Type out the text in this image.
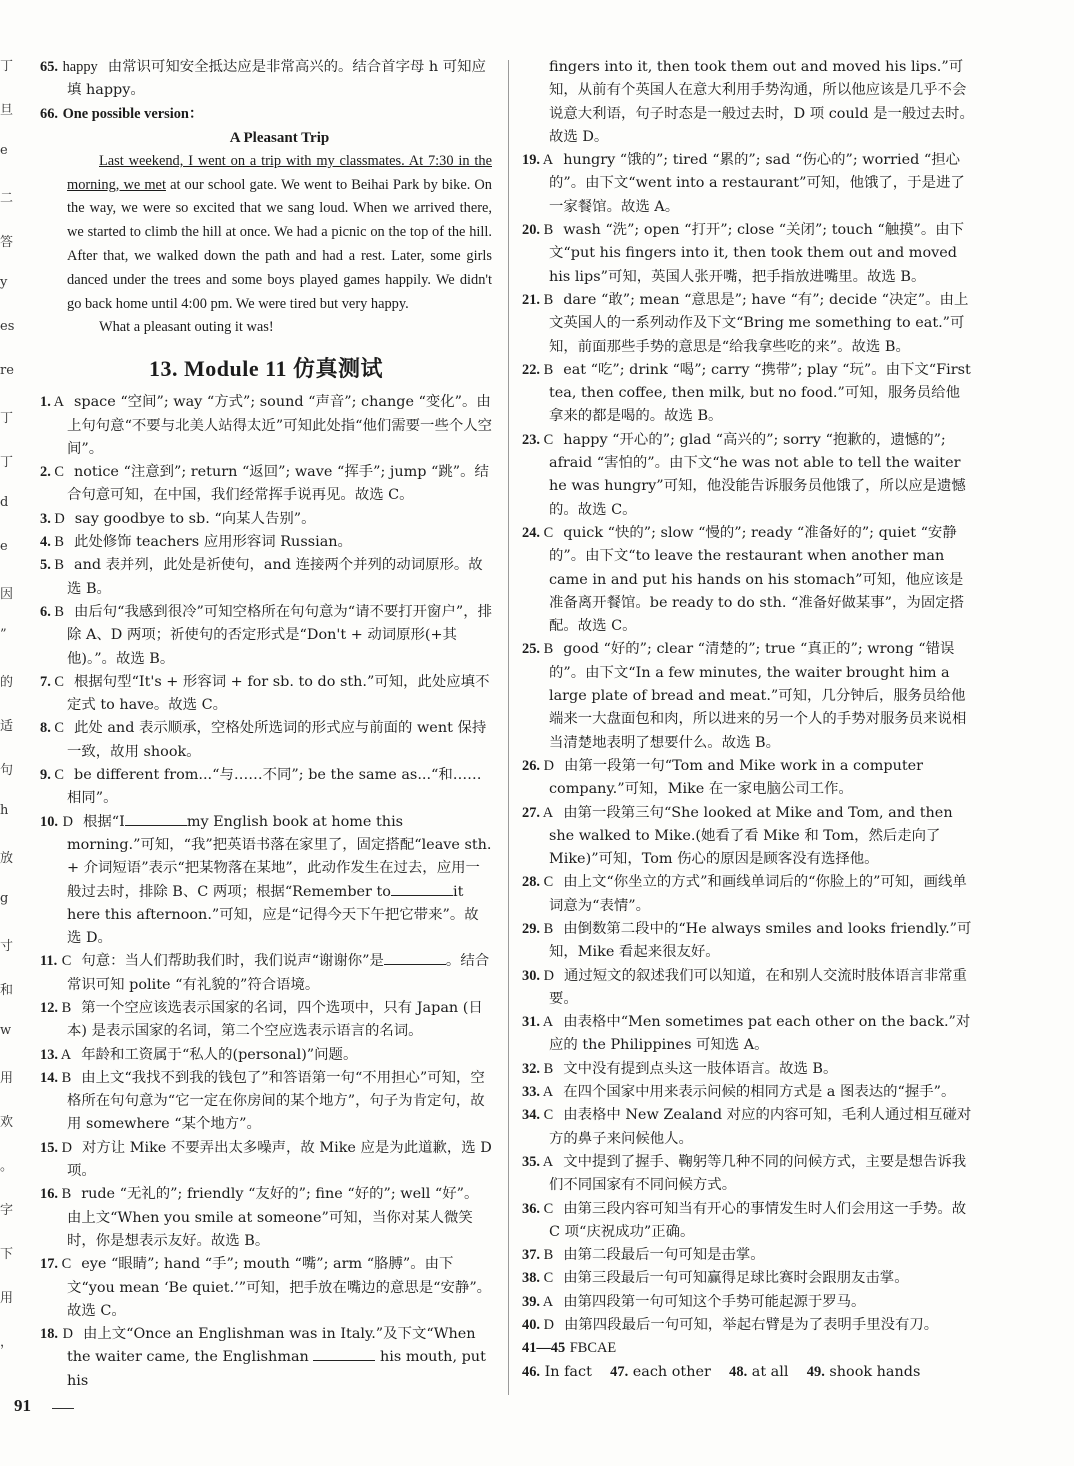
丁
旦
e
二
答
y
es
re
丁
丁
d
e
因
”
的
适
句
h
放
g
寸
和
w
用
欢
。
字
下
用
，

65. happy 由常识可知安全抵达应是非常高兴的。结合首字母 h 可知应填 happy。

66. One possible version：

A Pleasant Trip

Last weekend, I went on a trip with my classmates. At 7:30 in the morning, we met at our school gate. We went to Beihai Park by bike. On the way, we were so excited that we sang loud. When we arrived there, we started to climb the hill at once. We had a picnic on the top of the hill. After that, we walked down the path and had a rest. Later, some girls danced under the trees and some boys played games happily. We didn't go back home until 4:00 pm. We were tired but very happy.

What a pleasant outing it was!

13. Module 11 仿真测试

1. A space “空间”; way “方式”; sound “声音”; change “变化”。由上句句意“不要与北美人站得太近”可知此处指“他们需要一些个人空间”。

2. C notice “注意到”; return “返回”; wave “挥手”; jump “跳”。结合句意可知，在中国，我们经常挥手说再见。故选 C。

3. D say goodbye to sb. “向某人告别”。

4. B 此处修饰 teachers 应用形容词 Russian。

5. B and 表并列，此处是祈使句，and 连接两个并列的动词原形。故选 B。

6. B 由后句“我感到很冷”可知空格所在句句意为“请不要打开窗户”，排除 A、D 两项；祈使句的否定形式是“Don't + 动词原形(+其他)。”。故选 B。

7. C 根据句型“It's + 形容词 + for sb. to do sth.”可知，此处应填不定式 to have。故选 C。

8. C 此处 and 表示顺承，空格处所选词的形式应与前面的 went 保持一致，故用 shook。

9. C be different from...“与……不同”; be the same as...“和……相同”。

10. D 根据“I	my English book at home this morning.”可知，“我”把英语书落在家里了，固定搭配“leave sth. + 介词短语”表示“把某物落在某地”，此动作发生在过去，应用一般过去时，排除 B、C 两项；根据“Remember to	it here this afternoon.”可知，应是“记得今天下午把它带来”。故选 D。

11. C 句意：当人们帮助我们时，我们说声“谢谢你”是	。结合常识可知 polite “有礼貌的”符合语境。

12. B 第一个空应该选表示国家的名词，四个选项中，只有 Japan (日本) 是表示国家的名词，第二个空应选表示语言的名词。

13. A 年龄和工资属于“私人的(personal)”问题。

14. B 由上文“我找不到我的钱包了”和答语第一句“不用担心”可知，空格所在句句意为“它一定在你房间的某个地方”，句子为肯定句，故用 somewhere “某个地方”。

15. D 对方让 Mike 不要弄出太多噪声，故 Mike 应是为此道歉，选 D 项。

16. B rude “无礼的”; friendly “友好的”; fine “好的”; well “好”。由上文“When you smile at someone”可知，当你对某人微笑时，你是想表示友好。故选 B。

17. C eye “眼睛”; hand “手”; mouth “嘴”; arm “胳膊”。由下文“you mean ‘Be quiet.’”可知，把手放在嘴边的意思是“安静”。故选 C。

18. D 由上文“Once an Englishman was in Italy.”及下文“When the waiter came, the Englishman	his mouth, put his

fingers into it, then took them out and moved his lips.”可知，从前有个英国人在意大利用手势沟通，所以他应该是几乎不会说意大利语，句子时态是一般过去时，D 项 could 是一般过去时。故选 D。

19. A hungry “饿的”; tired “累的”; sad “伤心的”; worried “担心的”。由下文“went into a restaurant”可知，他饿了，于是进了一家餐馆。故选 A。

20. B wash “洗”; open “打开”; close “关闭”; touch “触摸”。由下文“put his fingers into it, then took them out and moved his lips”可知，英国人张开嘴，把手指放进嘴里。故选 B。

21. B dare “敢”; mean “意思是”; have “有”; decide “决定”。由上文英国人的一系列动作及下文“Bring me something to eat.”可知，前面那些手势的意思是“给我拿些吃的来”。故选 B。

22. B eat “吃”; drink “喝”; carry “携带”; play “玩”。由下文“First tea, then coffee, then milk, but no food.”可知，服务员给他拿来的都是喝的。故选 B。

23. C happy “开心的”; glad “高兴的”; sorry “抱歉的，遗憾的”; afraid “害怕的”。由下文“he was not able to tell the waiter he was hungry”可知，他没能告诉服务员他饿了，所以应是遗憾的。故选 C。

24. C quick “快的”; slow “慢的”; ready “准备好的”; quiet “安静的”。由下文“to leave the restaurant when another man came in and put his hands on his stomach”可知，他应该是准备离开餐馆。be ready to do sth. “准备好做某事”，为固定搭配。故选 C。

25. B good “好的”; clear “清楚的”; true “真正的”; wrong “错误的”。由下文“In a few minutes, the waiter brought him a large plate of bread and meat.”可知，几分钟后，服务员给他端来一大盘面包和肉，所以进来的另一个人的手势对服务员来说相当清楚地表明了想要什么。故选 B。

26. D 由第一段第一句“Tom and Mike work in a computer company.”可知，Mike 在一家电脑公司工作。

27. A 由第一段第三句“She looked at Mike and Tom, and then she walked to Mike.(她看了看 Mike 和 Tom，然后走向了 Mike)”可知，Tom 伤心的原因是顾客没有选择他。

28. C 由上文“你坐立的方式”和画线单词后的“你脸上的”可知，画线单词意为“表情”。

29. B 由倒数第二段中的“He always smiles and looks friendly.”可知，Mike 看起来很友好。

30. D 通过短文的叙述我们可以知道，在和别人交流时肢体语言非常重要。

31. A 由表格中“Men sometimes pat each other on the back.”对应的 the Philippines 可知选 A。

32. B 文中没有提到点头这一肢体语言。故选 B。

33. A 在四个国家中用来表示问候的相同方式是 a 图表达的“握手”。

34. C 由表格中 New Zealand 对应的内容可知，毛利人通过相互碰对方的鼻子来问候他人。

35. A 文中提到了握手、鞠躬等几种不同的问候方式，主要是想告诉我们不同国家有不同问候方式。

36. C 由第三段内容可知当有开心的事情发生时人们会用这一手势。故 C 项“庆祝成功”正确。

37. B 由第二段最后一句可知是击掌。

38. C 由第三段最后一句可知赢得足球比赛时会跟朋友击掌。

39. A 由第四段第一句可知这个手势可能起源于罗马。

40. D 由第四段最后一句可知，举起右臂是为了表明手里没有刀。

41—45 FBCAE

46. In fact 47. each other 48. at all 49. shook hands

91
